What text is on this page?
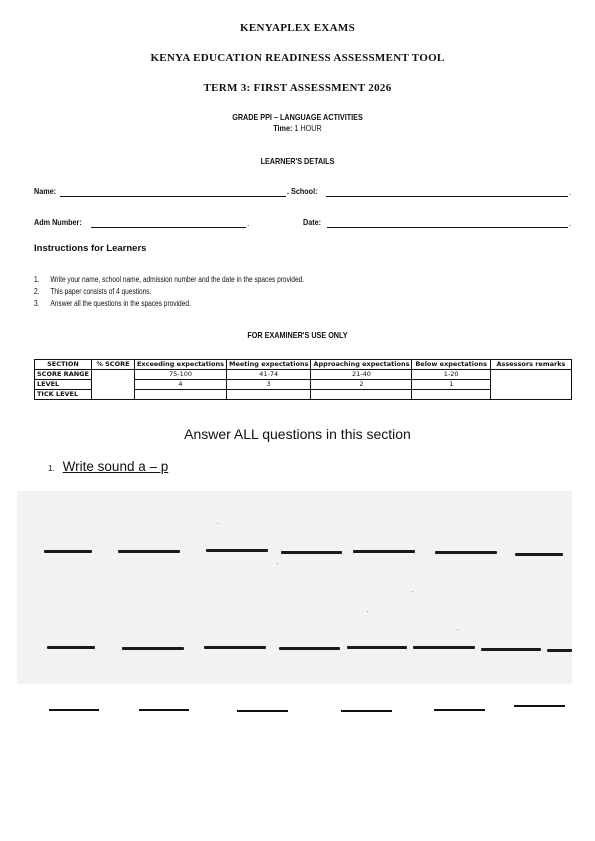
KENYAPLEX EXAMS
KENYA EDUCATION READINESS ASSESSMENT TOOL
TERM 3: FIRST ASSESSMENT 2026
GRADE PPI – LANGUAGE ACTIVITIES
Time: 1 HOUR
LEARNER'S DETAILS
Name:	. School:	.
Adm Number:	.	Date:	.
Instructions for Learners
1. Write your name, school name, admission number and the date in the spaces provided.
2. This paper consists of 4 questions.
3. Answer all the questions in the spaces provided.
FOR EXAMINER'S USE ONLY
SECTION	% SCORE	Exceeding expectations	Meeting expectations	Approaching expectations	Below expectations	Assessors remarks
SCORE RANGE		75-100	41-74	21-40	1-20	
LEVEL		4	3	2	1	
TICK LEVEL						
Answer ALL questions in this section
1. Write sound a – p
